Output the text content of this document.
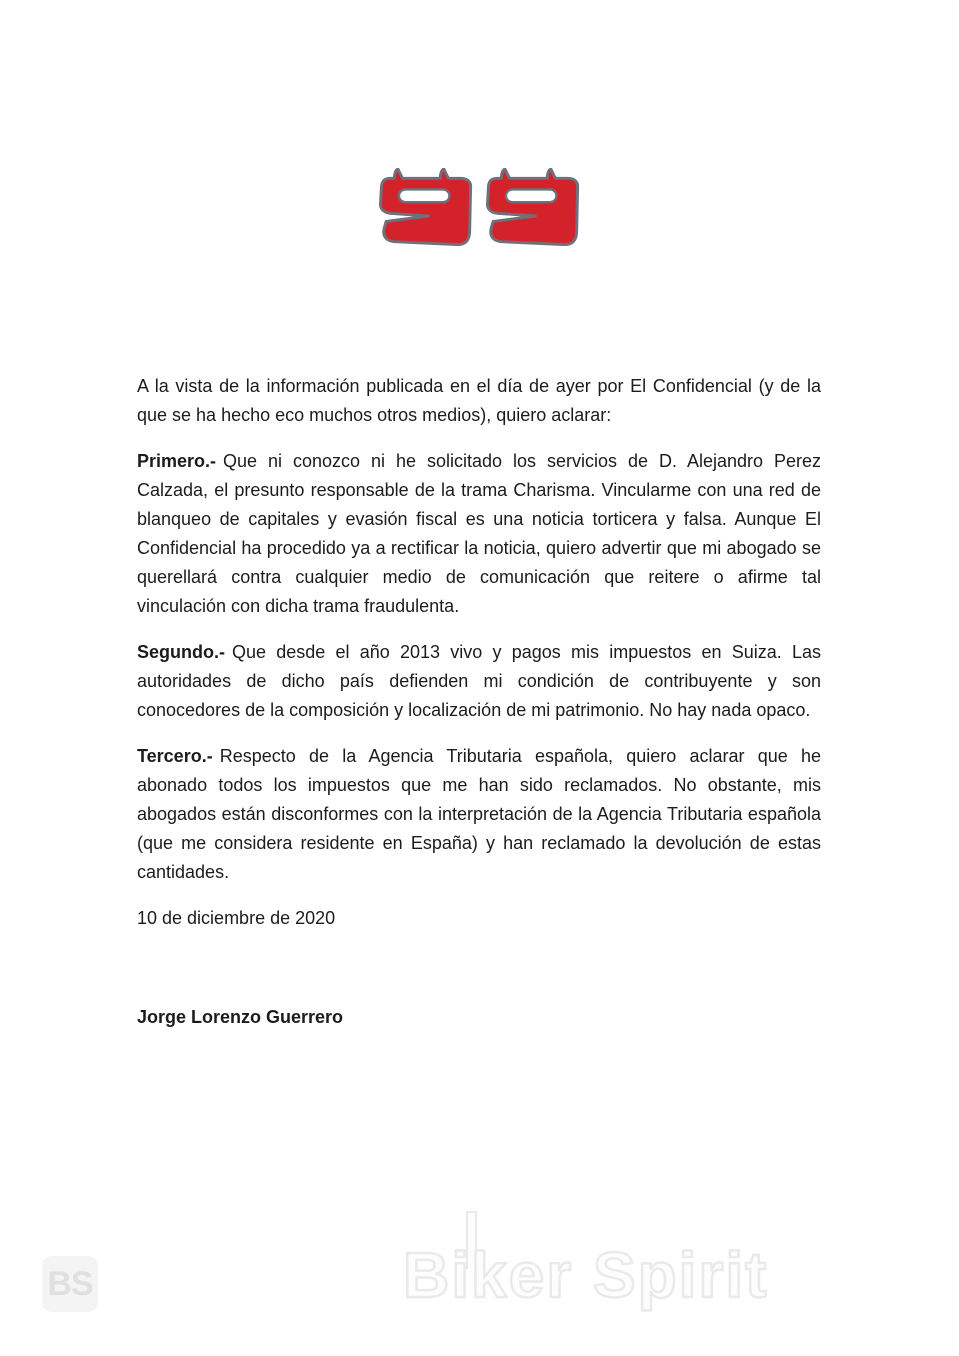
A la vista de la información publicada en el día de ayer por El Confidencial (y de la que se ha hecho eco muchos otros medios), quiero aclarar:

Primero.- Que ni conozco ni he solicitado los servicios de D. Alejandro Perez Calzada, el presunto responsable de la trama Charisma. Vincularme con una red de blanqueo de capitales y evasión fiscal es una noticia torticera y falsa. Aunque El Confidencial ha procedido ya a rectificar la noticia, quiero advertir que mi abogado se querellará contra cualquier medio de comunicación que reitere o afirme tal vinculación con dicha trama fraudulenta.

Segundo.- Que desde el año 2013 vivo y pagos mis impuestos en Suiza. Las autoridades de dicho país defienden mi condición de contribuyente y son conocedores de la composición y localización de mi patrimonio. No hay nada opaco.

Tercero.- Respecto de la Agencia Tributaria española, quiero aclarar que he abonado todos los impuestos que me han sido reclamados. No obstante, mis abogados están disconformes con la interpretación de la Agencia Tributaria española (que me considera residente en España) y han reclamado la devolución de estas cantidades.

10 de diciembre de 2020

Jorge Lorenzo Guerrero

BS	Biker Spirit
